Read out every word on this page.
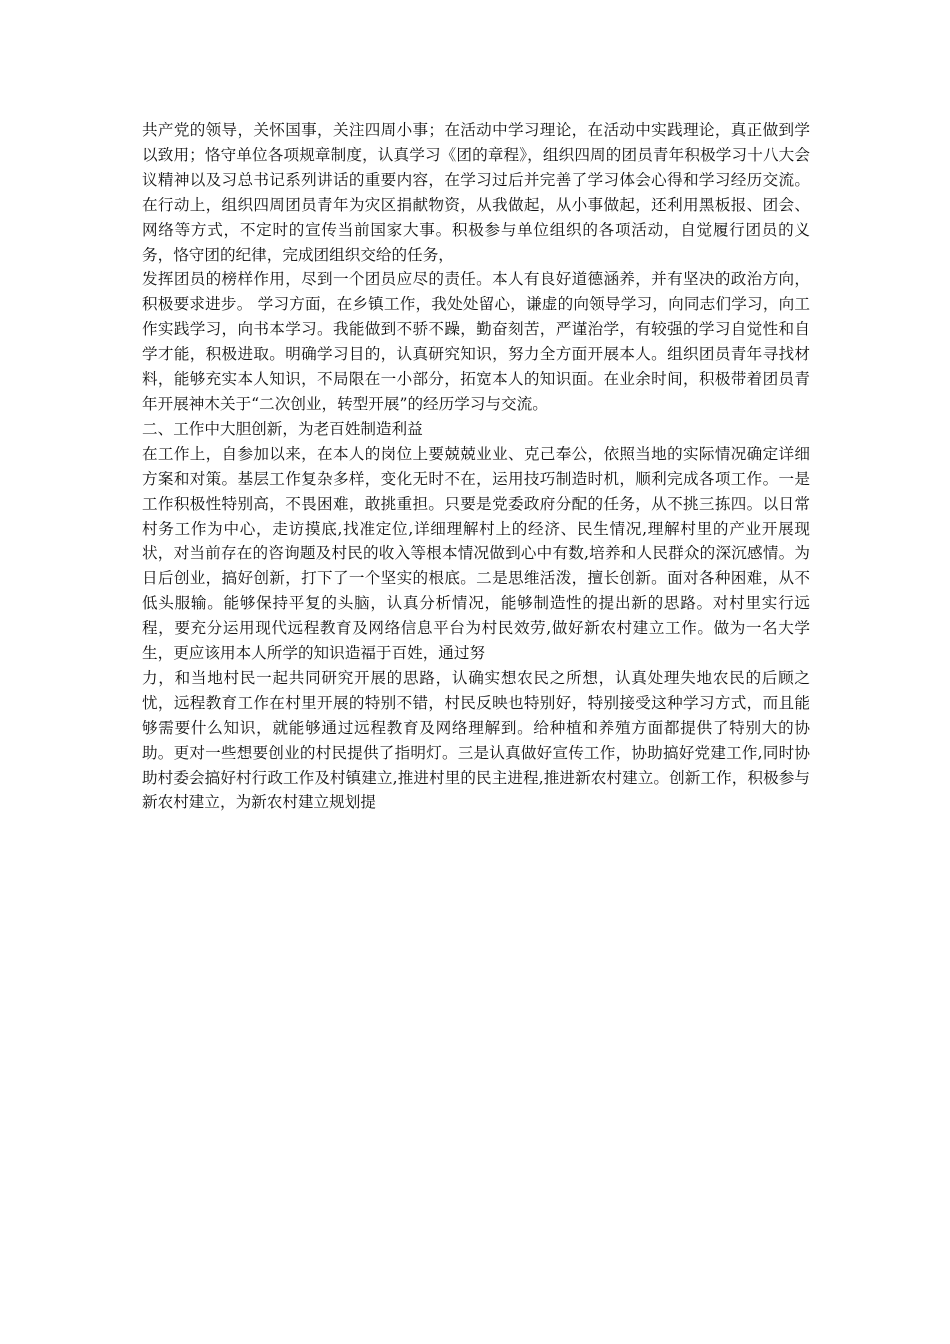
共产党的领导，关怀国事，关注四周小事；在活动中学习理论，在活动中实践理论，真正做到学以致用；恪守单位各项规章制度，认真学习《团的章程》，组织四周的团员青年积极学习十八大会议精神以及习总书记系列讲话的重要内容，在学习过后并完善了学习体会心得和学习经历交流。在行动上，组织四周团员青年为灾区捐献物资，从我做起，从小事做起，还利用黑板报、团会、网络等方式，不定时的宣传当前国家大事。积极参与单位组织的各项活动，自觉履行团员的义务，恪守团的纪律，完成团组织交给的任务，

发挥团员的榜样作用，尽到一个团员应尽的责任。本人有良好道德涵养，并有坚决的政治方向，积极要求进步。 学习方面，在乡镇工作，我处处留心，谦虚的向领导学习，向同志们学习，向工作实践学习，向书本学习。我能做到不骄不躁，勤奋刻苦，严谨治学，有较强的学习自觉性和自学才能，积极进取。明确学习目的，认真研究知识，努力全方面开展本人。组织团员青年寻找材料，能够充实本人知识，不局限在一小部分，拓宽本人的知识面。在业余时间，积极带着团员青年开展神木关于“二次创业，转型开展”的经历学习与交流。

二、工作中大胆创新，为老百姓制造利益

在工作上，自参加以来，在本人的岗位上要兢兢业业、克己奉公，依照当地的实际情况确定详细方案和对策。基层工作复杂多样，变化无时不在，运用技巧制造时机，顺利完成各项工作。一是工作积极性特别高，不畏困难，敢挑重担。只要是党委政府分配的任务，从不挑三拣四。以日常村务工作为中心，走访摸底,找准定位,详细理解村上的经济、民生情况,理解村里的产业开展现状，对当前存在的咨询题及村民的收入等根本情况做到心中有数,培养和人民群众的深沉感情。为日后创业，搞好创新，打下了一个坚实的根底。二是思维活泼，擅长创新。面对各种困难，从不低头服输。能够保持平复的头脑，认真分析情况，能够制造性的提出新的思路。对村里实行远程，要充分运用现代远程教育及网络信息平台为村民效劳,做好新农村建立工作。做为一名大学生，更应该用本人所学的知识造福于百姓，通过努

力，和当地村民一起共同研究开展的思路，认确实想农民之所想，认真处理失地农民的后顾之忧，远程教育工作在村里开展的特别不错，村民反映也特别好，特别接受这种学习方式，而且能够需要什么知识，就能够通过远程教育及网络理解到。给种植和养殖方面都提供了特别大的协助。更对一些想要创业的村民提供了指明灯。三是认真做好宣传工作，协助搞好党建工作,同时协助村委会搞好村行政工作及村镇建立,推进村里的民主进程,推进新农村建立。创新工作，积极参与新农村建立，为新农村建立规划提
